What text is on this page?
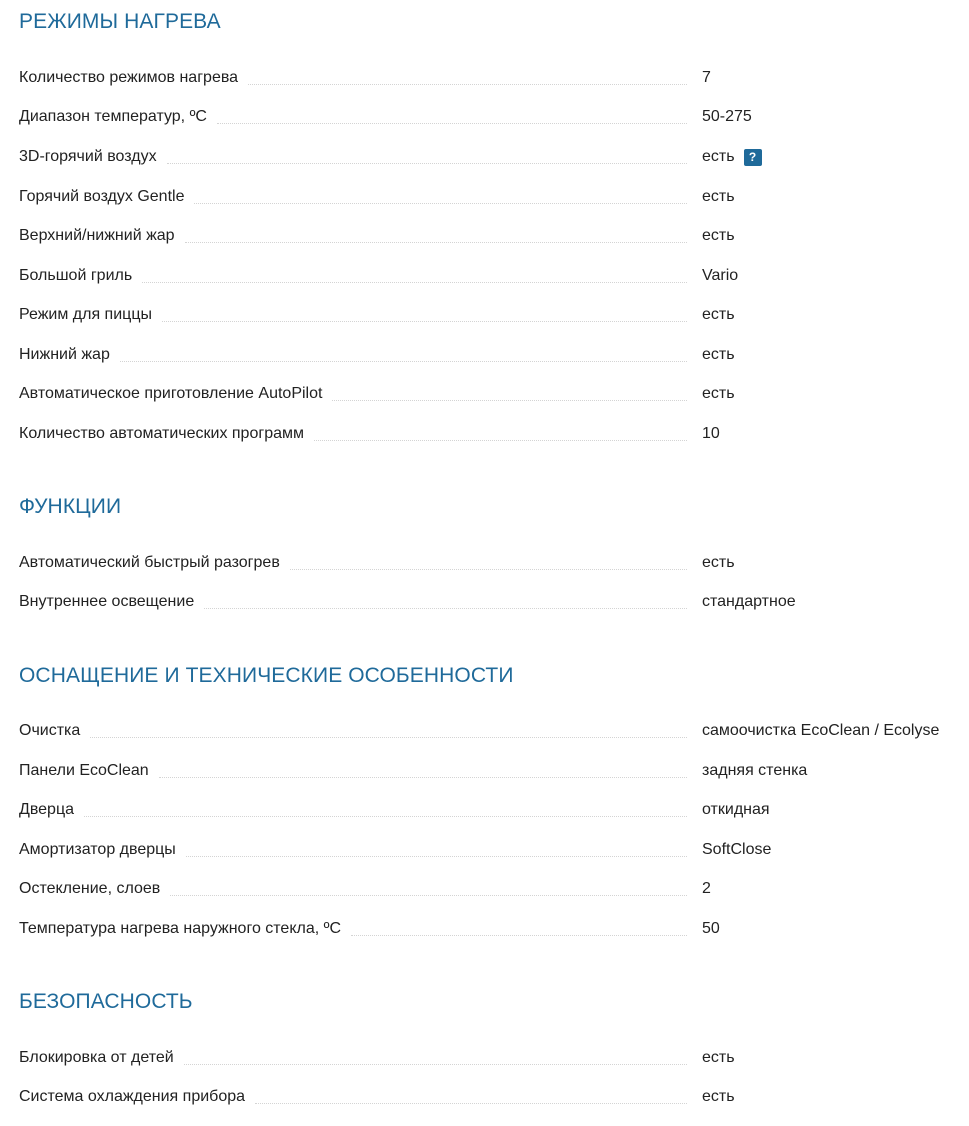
РЕЖИМЫ НАГРЕВА
Количество режимов нагрева	7
Диапазон температур, ºC	50-275
3D-горячий воздух	есть	?
Горячий воздух Gentle	есть
Верхний/нижний жар	есть
Большой гриль	Vario
Режим для пиццы	есть
Нижний жар	есть
Автоматическое приготовление AutoPilot	есть
Количество автоматических программ	10
ФУНКЦИИ
Автоматический быстрый разогрев	есть
Внутреннее освещение	стандартное
ОСНАЩЕНИЕ И ТЕХНИЧЕСКИЕ ОСОБЕННОСТИ
Очистка	самоочистка EcoClean / Ecolyse
Панели EcoClean	задняя стенка
Дверца	откидная
Амортизатор дверцы	SoftClose
Остекление, слоев	2
Температура нагрева наружного стекла, ºC	50
БЕЗОПАСНОСТЬ
Блокировка от детей	есть
Система охлаждения прибора	есть
